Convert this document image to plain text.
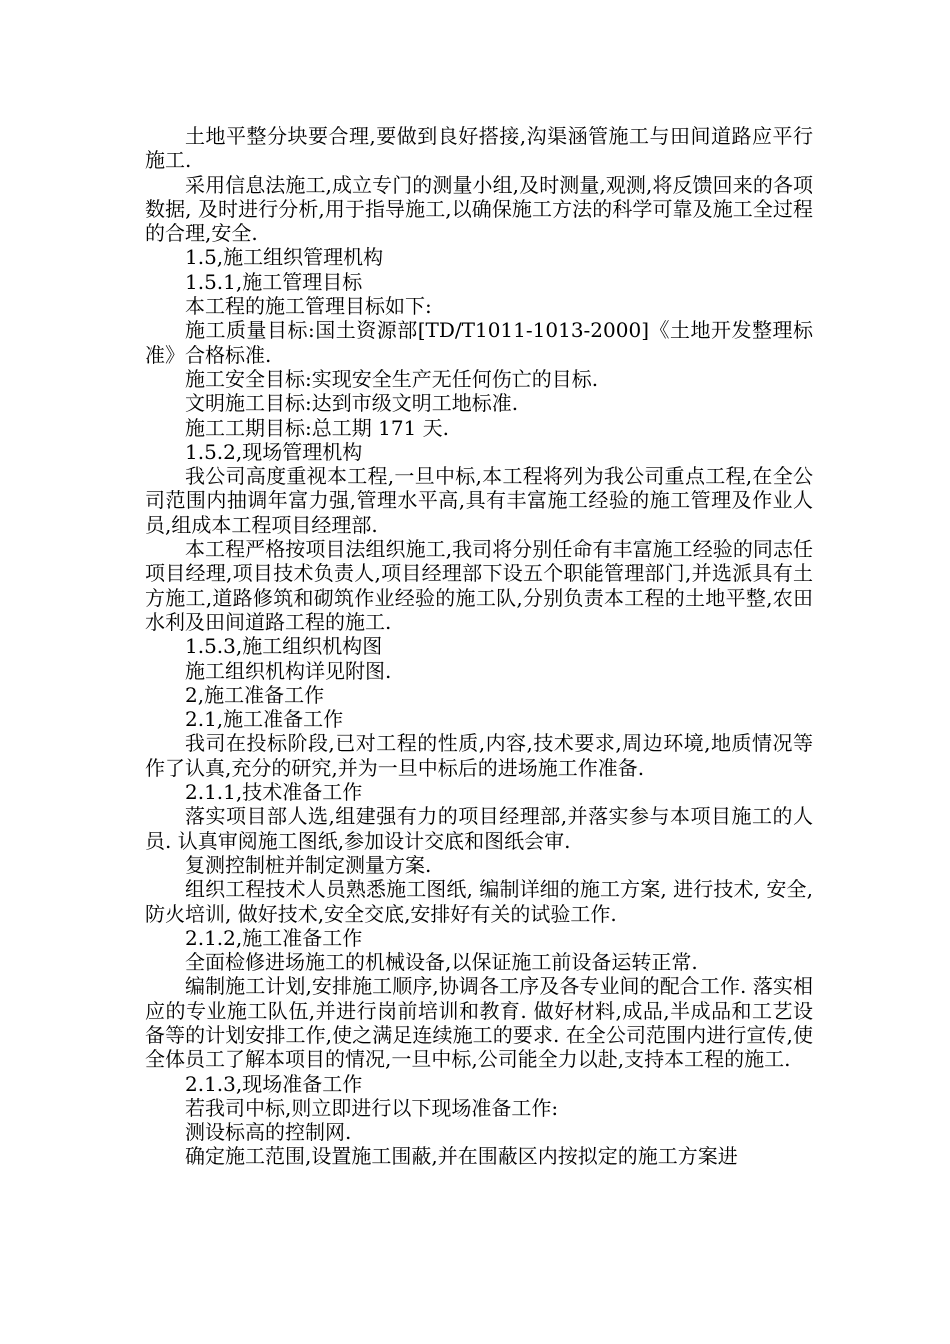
土地平整分块要合理,要做到良好搭接,沟渠涵管施工与田间道路应平行施工.

采用信息法施工,成立专门的测量小组,及时测量,观测,将反馈回来的各项数据, 及时进行分析,用于指导施工,以确保施工方法的科学可靠及施工全过程的合理,安全.

1.5,施工组织管理机构

1.5.1,施工管理目标

本工程的施工管理目标如下:

施工质量目标:国土资源部[TD/T1011-1013-2000]《土地开发整理标准》合格标准.

施工安全目标:实现安全生产无任何伤亡的目标.

文明施工目标:达到市级文明工地标准.

施工工期目标:总工期 171 天.

1.5.2,现场管理机构

我公司高度重视本工程,一旦中标,本工程将列为我公司重点工程,在全公司范围内抽调年富力强,管理水平高,具有丰富施工经验的施工管理及作业人员,组成本工程项目经理部.

本工程严格按项目法组织施工,我司将分别任命有丰富施工经验的同志任项目经理,项目技术负责人,项目经理部下设五个职能管理部门,并选派具有土方施工,道路修筑和砌筑作业经验的施工队,分别负责本工程的土地平整,农田水利及田间道路工程的施工.

1.5.3,施工组织机构图

施工组织机构详见附图.

2,施工准备工作

2.1,施工准备工作

我司在投标阶段,已对工程的性质,内容,技术要求,周边环境,地质情况等作了认真,充分的研究,并为一旦中标后的进场施工作准备.

2.1.1,技术准备工作

落实项目部人选,组建强有力的项目经理部,并落实参与本项目施工的人员. 认真审阅施工图纸,参加设计交底和图纸会审.

复测控制桩并制定测量方案.

组织工程技术人员熟悉施工图纸, 编制详细的施工方案, 进行技术, 安全, 防火培训, 做好技术,安全交底,安排好有关的试验工作.

2.1.2,施工准备工作

全面检修进场施工的机械设备,以保证施工前设备运转正常.

编制施工计划,安排施工顺序,协调各工序及各专业间的配合工作. 落实相应的专业施工队伍,并进行岗前培训和教育. 做好材料,成品,半成品和工艺设备等的计划安排工作,使之满足连续施工的要求. 在全公司范围内进行宣传,使全体员工了解本项目的情况,一旦中标,公司能全力以赴,支持本工程的施工.

2.1.3,现场准备工作

若我司中标,则立即进行以下现场准备工作:

测设标高的控制网.

确定施工范围,设置施工围蔽,并在围蔽区内按拟定的施工方案进
